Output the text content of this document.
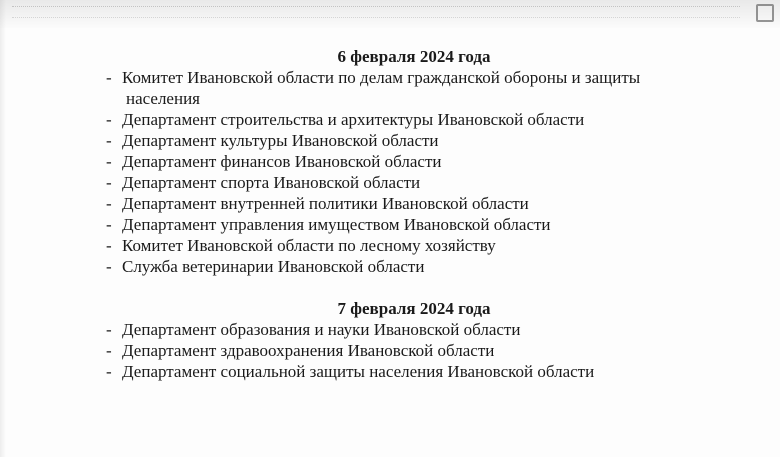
6 февраля 2024 года

- Комитет Ивановской области по делам гражданской обороны и защиты
населения
- Департамент строительства и архитектуры Ивановской области
- Департамент культуры Ивановской области
- Департамент финансов Ивановской области
- Департамент спорта Ивановской области
- Департамент внутренней политики Ивановской области
- Департамент управления имуществом Ивановской области
- Комитет Ивановской области по лесному хозяйству
- Служба ветеринарии Ивановской области

7 февраля 2024 года

- Департамент образования и науки Ивановской области
- Департамент здравоохранения Ивановской области
- Департамент социальной защиты населения Ивановской области
